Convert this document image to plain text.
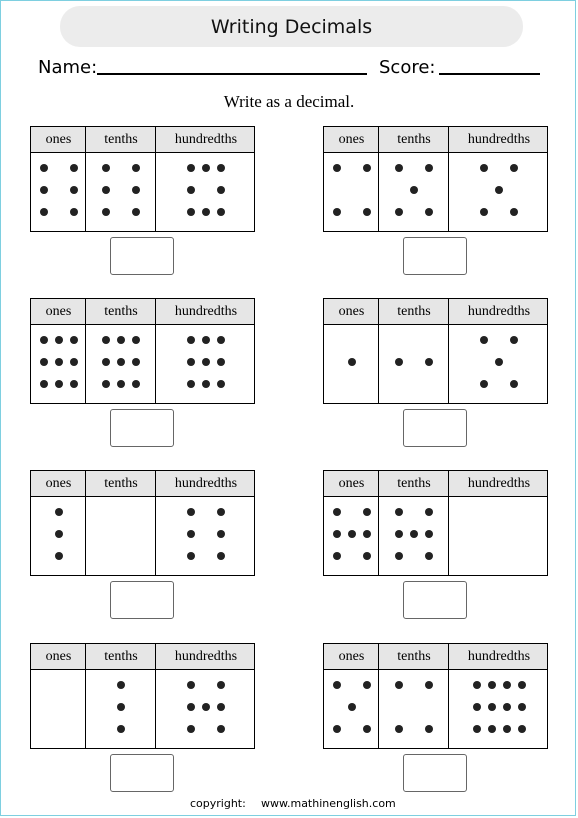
Writing Decimals
Name:	Score:
Write as a decimal.
ones	tenths	hundredths	ones	tenths	hundredths
ones	tenths	hundredths	ones	tenths	hundredths
ones	tenths	hundredths	ones	tenths	hundredths
ones	tenths	hundredths	ones	tenths	hundredths
copyright: www.mathinenglish.com
